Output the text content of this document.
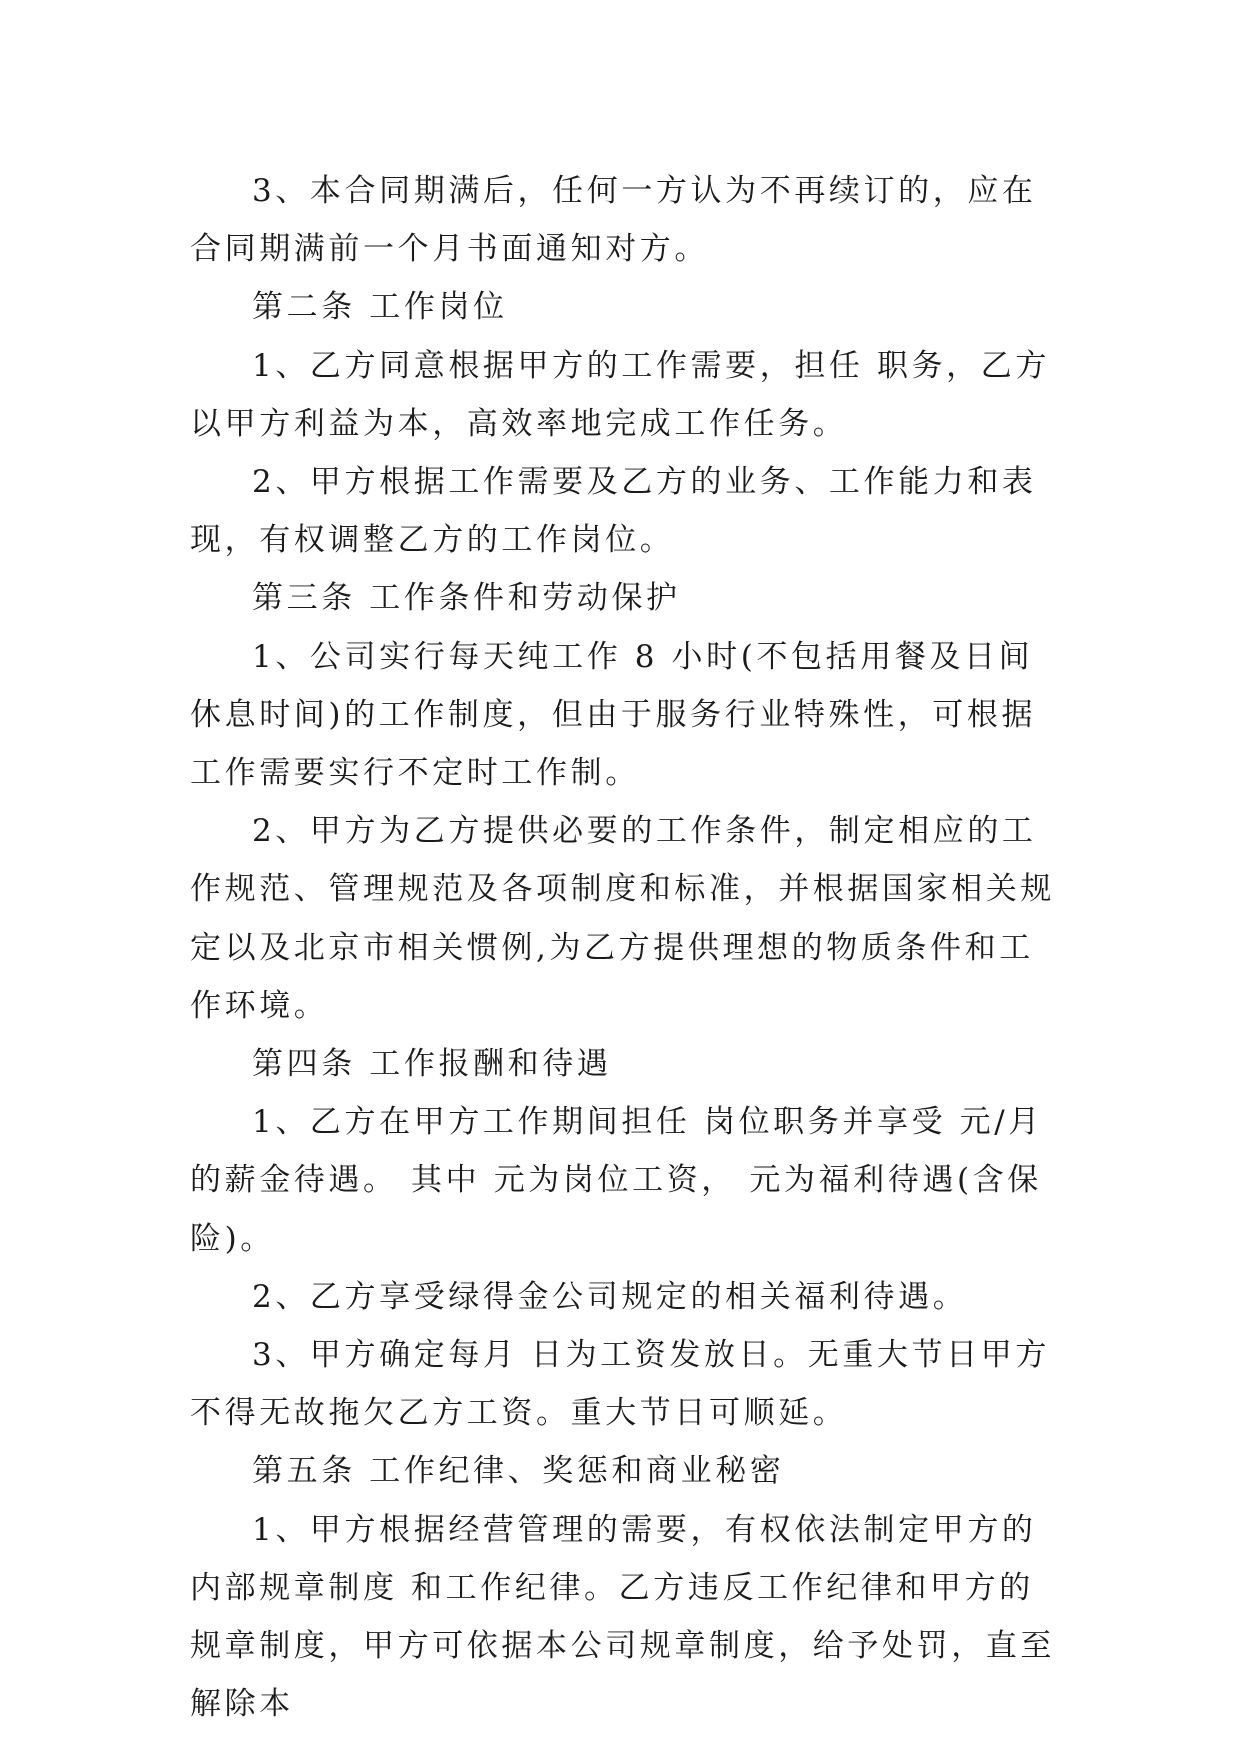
3、本合同期满后，任何一方认为不再续订的，应在合同期满前一个月书面通知对方。

第二条 工作岗位

1、乙方同意根据甲方的工作需要，担任 职务，乙方以甲方利益为本，高效率地完成工作任务。

2、甲方根据工作需要及乙方的业务、工作能力和表现，有权调整乙方的工作岗位。

第三条 工作条件和劳动保护

1、公司实行每天纯工作 8 小时(不包括用餐及日间休息时间)的工作制度，但由于服务行业特殊性，可根据工作需要实行不定时工作制。

2、甲方为乙方提供必要的工作条件，制定相应的工作规范、管理规范及各项制度和标准，并根据国家相关规定以及北京市相关惯例,为乙方提供理想的物质条件和工作环境。

第四条 工作报酬和待遇

1、乙方在甲方工作期间担任 岗位职务并享受 元/月的薪金待遇。 其中 元为岗位工资， 元为福利待遇(含保险)。

2、乙方享受绿得金公司规定的相关福利待遇。

3、甲方确定每月 日为工资发放日。无重大节日甲方不得无故拖欠乙方工资。重大节日可顺延。

第五条 工作纪律、奖惩和商业秘密

1、甲方根据经营管理的需要，有权依法制定甲方的内部规章制度 和工作纪律。乙方违反工作纪律和甲方的规章制度，甲方可依据本公司规章制度，给予处罚，直至解除本
